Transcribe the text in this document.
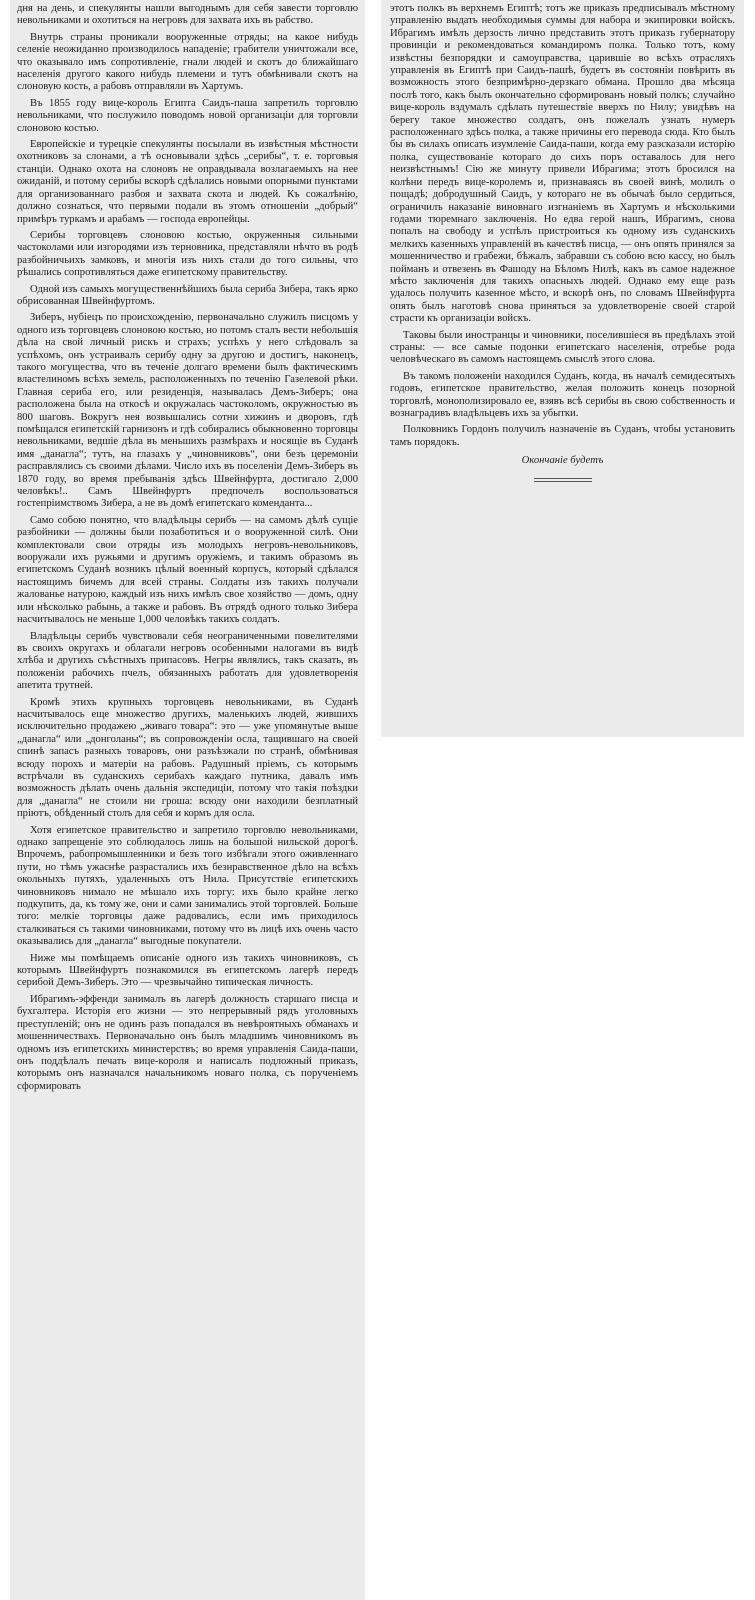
дня на день, и спекулянты нашли выгоднымъ для себя завести торговлю невольниками и охотиться на негровъ для захвата ихъ въ рабство.

Внутрь страны проникали вооруженные отряды; на какое нибудь селеніе неожиданно производилось нападеніе; грабители уничтожали все, что оказывало имъ сопротивленіе, гнали людей и скотъ до ближайшаго населенія другого какого нибудь племени и тутъ обмѣнивали скотъ на слоновую кость, а рабовъ отправляли въ Хартумъ.

Въ 1855 году вице-король Египта Саидъ-паша запретилъ торговлю невольниками, что послужило поводомъ новой организаціи для торговли слоновою костью.

Европейскіе и турецкіе спекулянты посылали въ извѣстныя мѣстности охотниковъ за слонами, а тѣ основывали здѣсь „серибы“, т. е. торговыя станціи. Однако охота на слоновъ не оправдывала возлагаемыхъ на нее ожиданій, и потому серибы вскорѣ сдѣлались новыми опорными пунктами для организованнаго разбоя и захвата скота и людей. Къ сожалѣнію, должно сознаться, что первыми подали въ этомъ отношеніи „добрый“ примѣръ туркамъ и арабамъ — господа европейцы.

Серибы торговцевъ слоновою костью, окруженныя сильными частоколами или изгородями изъ терновника, представляли нѣчто въ родѣ разбойничьихъ замковъ, и многія изъ нихъ стали до того сильны, что рѣшались сопротивляться даже египетскому правительству.

Одной изъ самыхъ могущественнѣйшихъ была сериба Зибера, такъ ярко обрисованная Швейнфуртомъ.

Зиберъ, нубіецъ по происхожденію, первоначально служилъ писцомъ у одного изъ торговцевъ слоновою костью, но потомъ сталъ вести небольшія дѣла на свой личный рискъ и страхъ; успѣхъ у него слѣдовалъ за успѣхомъ, онъ устраивалъ серибу одну за другою и достигъ, наконецъ, такого могущества, что въ теченіе долгаго времени былъ фактическимъ властелиномъ всѣхъ земель, расположенныхъ по теченію Газелевой рѣки. Главная сериба его, или резиденція, называлась Демъ-Зиберъ; она расположена была на откосѣ и окружалась частоколомъ, окружностью въ 800 шаговъ. Вокругъ нея возвышались сотни хижинъ и дворовъ, гдѣ помѣщался египетскій гарнизонъ и гдѣ собирались обыкновенно торговцы невольниками, ведшіе дѣла въ меньшихъ размѣрахъ и носящіе въ Суданѣ имя „данагла“; тутъ, на глазахъ у „чиновниковъ“, они безъ церемоніи расправлялись съ своими дѣлами. Число ихъ въ поселеніи Демъ-Зиберъ въ 1870 году, во время пребыванія здѣсь Швейнфурта, достигало 2,000 человѣкъ!.. Самъ Швейнфуртъ предпочелъ воспользоваться гостепріимствомъ Зибера, а не въ домѣ египетскаго коменданта...

Само собою понятно, что владѣльцы серибъ — на самомъ дѣлѣ сущіе разбойники — должны были позаботиться и о вооруженной силѣ. Они комплектовали свои отряды изъ молодыхъ негровъ-невольниковъ, вооружали ихъ ружьями и другимъ оружіемъ, и такимъ образомъ въ египетскомъ Суданѣ возникъ цѣлый военный корпусъ, который сдѣлался настоящимъ бичемъ для всей страны. Солдаты изъ такихъ получали жалованье натурою, каждый изъ нихъ имѣлъ свое хозяйство — домъ, одну или нѣсколько рабынь, а также и рабовъ. Въ отрядѣ одного только Зибера насчитывалось не меньше 1,000 человѣкъ такихъ солдатъ.

Владѣльцы серибъ чувствовали себя неограниченными повелителями въ своихъ округахъ и облагали негровъ особенными налогами въ видѣ хлѣба и другихъ съѣстныхъ припасовъ. Негры являлись, такъ сказать, въ положеніи рабочихъ пчелъ, обязанныхъ работать для удовлетворенія апетита трутней.

Кромѣ этихъ крупныхъ торговцевъ невольниками, въ Суданѣ насчитывалось еще множество другихъ, маленькихъ людей, жившихъ исключительно продажею „живаго товара“: это — уже упомянутые выше „данагла“ или „донголаны“; въ сопровожденіи осла, тащившаго на своей спинѣ запасъ разныхъ товаровъ, они разъѣзжали по странѣ, обмѣнивая всюду порохъ и матеріи на рабовъ. Радушный пріемъ, съ которымъ встрѣчали въ суданскихъ серибахъ каждаго путника, давалъ имъ возможность дѣлать очень дальнія экспедиціи, потому что такія поѣздки для „данагла“ не стоили ни гроша: всюду они находили безплатный пріютъ, обѣденный столъ для себя и кормъ для осла.

Хотя египетское правительство и запретило торговлю невольниками, однако запрещеніе это соблюдалось лишь на большой нильской дорогѣ. Впрочемъ, рабопромышленники и безъ того избѣгали этого оживленнаго пути, но тѣмъ ужаснѣе разрастались ихъ безнравственное дѣло на всѣхъ окольныхъ путяхъ, удаленныхъ отъ Нила. Присутствіе египетскихъ чиновниковъ нимало не мѣшало ихъ торгу: ихъ было крайне легко подкупить, да, къ тому же, они и сами занимались этой торговлей. Больше того: мелкіе торговцы даже радовались, если имъ приходилось сталкиваться съ такими чиновниками, потому что въ лицѣ ихъ очень часто оказывались для „данагла“ выгодные покупатели.

Ниже мы помѣщаемъ описаніе одного изъ такихъ чиновниковъ, съ которымъ Швейнфуртъ познакомился въ египетскомъ лагерѣ передъ серибой Демъ-Зиберъ. Это — чрезвычайно типическая личность.

Ибрагимъ-эффенди занималъ въ лагерѣ должность старшаго писца и бухгалтера. Исторія его жизни — это непрерывный рядъ уголовныхъ преступленій; онъ не одинъ разъ попадался въ невѣроятныхъ обманахъ и мошенничествахъ. Первоначально онъ былъ младшимъ чиновникомъ въ одномъ изъ египетскихъ министерствъ; во время управленія Саида-паши, онъ поддѣлалъ печать вице-короля и написалъ подложный приказъ, которымъ онъ назначался начальникомъ новаго полка, съ порученіемъ сформировать

этотъ полкъ въ верхнемъ Египтѣ; тотъ же приказъ предписывалъ мѣстному управленію выдать необходимыя суммы для набора и экипировки войскъ. Ибрагимъ имѣлъ дерзость лично представить этотъ приказъ губернатору провинціи и рекомендоваться командиромъ полка. Только тотъ, кому извѣстны безпорядки и самоуправства, царившіе во всѣхъ отрасляхъ управленія въ Египтѣ при Саидъ-пашѣ, будетъ въ состояніи повѣрить въ возможность этого безпримѣрно-дерзкаго обмана. Прошло два мѣсяца послѣ того, какъ былъ окончательно сформированъ новый полкъ; случайно вице-король вздумалъ сдѣлать путешествіе вверхъ по Нилу; увидѣвъ на берегу такое множество солдатъ, онъ пожелалъ узнать нумеръ расположеннаго здѣсь полка, а также причины его перевода сюда. Кто былъ бы въ силахъ описать изумленіе Саида-паши, когда ему разсказали исторію полка, существованіе котораго до сихъ поръ оставалось для него неизвѣстнымъ! Сію же минуту привели Ибрагима; этотъ бросился на колѣни передъ вице-королемъ и, признаваясь въ своей винѣ, молилъ о пощадѣ; добродушный Саидъ, у котораго не въ обычаѣ было сердиться, ограничилъ наказаніе виновнаго изгнаніемъ въ Хартумъ и нѣсколькими годами тюремнаго заключенія. Но едва герой нашъ, Ибрагимъ, снова попалъ на свободу и успѣлъ пристроиться къ одному изъ суданскихъ мелкихъ казенныхъ управленій въ качествѣ писца, — онъ опять принялся за мошенничество и грабежи, бѣжалъ, забравши съ собою всю кассу, но былъ пойманъ и отвезенъ въ Фашоду на Бѣломъ Нилѣ, какъ въ самое надежное мѣсто заключенія для такихъ опасныхъ людей. Однако ему еще разъ удалось получить казенное мѣсто, и вскорѣ онъ, по словамъ Швейнфурта опять былъ наготовѣ снова приняться за удовлетвореніе своей старой страсти къ организаціи войскъ.

Таковы были иностранцы и чиновники, поселившіеся въ предѣлахъ этой страны: — все самые подонки египетскаго населенія, отребье рода человѣческаго въ самомъ настоящемъ смыслѣ этого слова.

Въ такомъ положеніи находился Суданъ, когда, въ началѣ семидесятыхъ годовъ, египетское правительство, желая положить конецъ позорной торговлѣ, монополизировало ее, взявъ всѣ серибы въ свою собственность и вознаградивъ владѣльцевъ ихъ за убытки.

Полковникъ Гордонъ получилъ назначеніе въ Суданъ, чтобы установить тамъ порядокъ.

Окончаніе будетъ
